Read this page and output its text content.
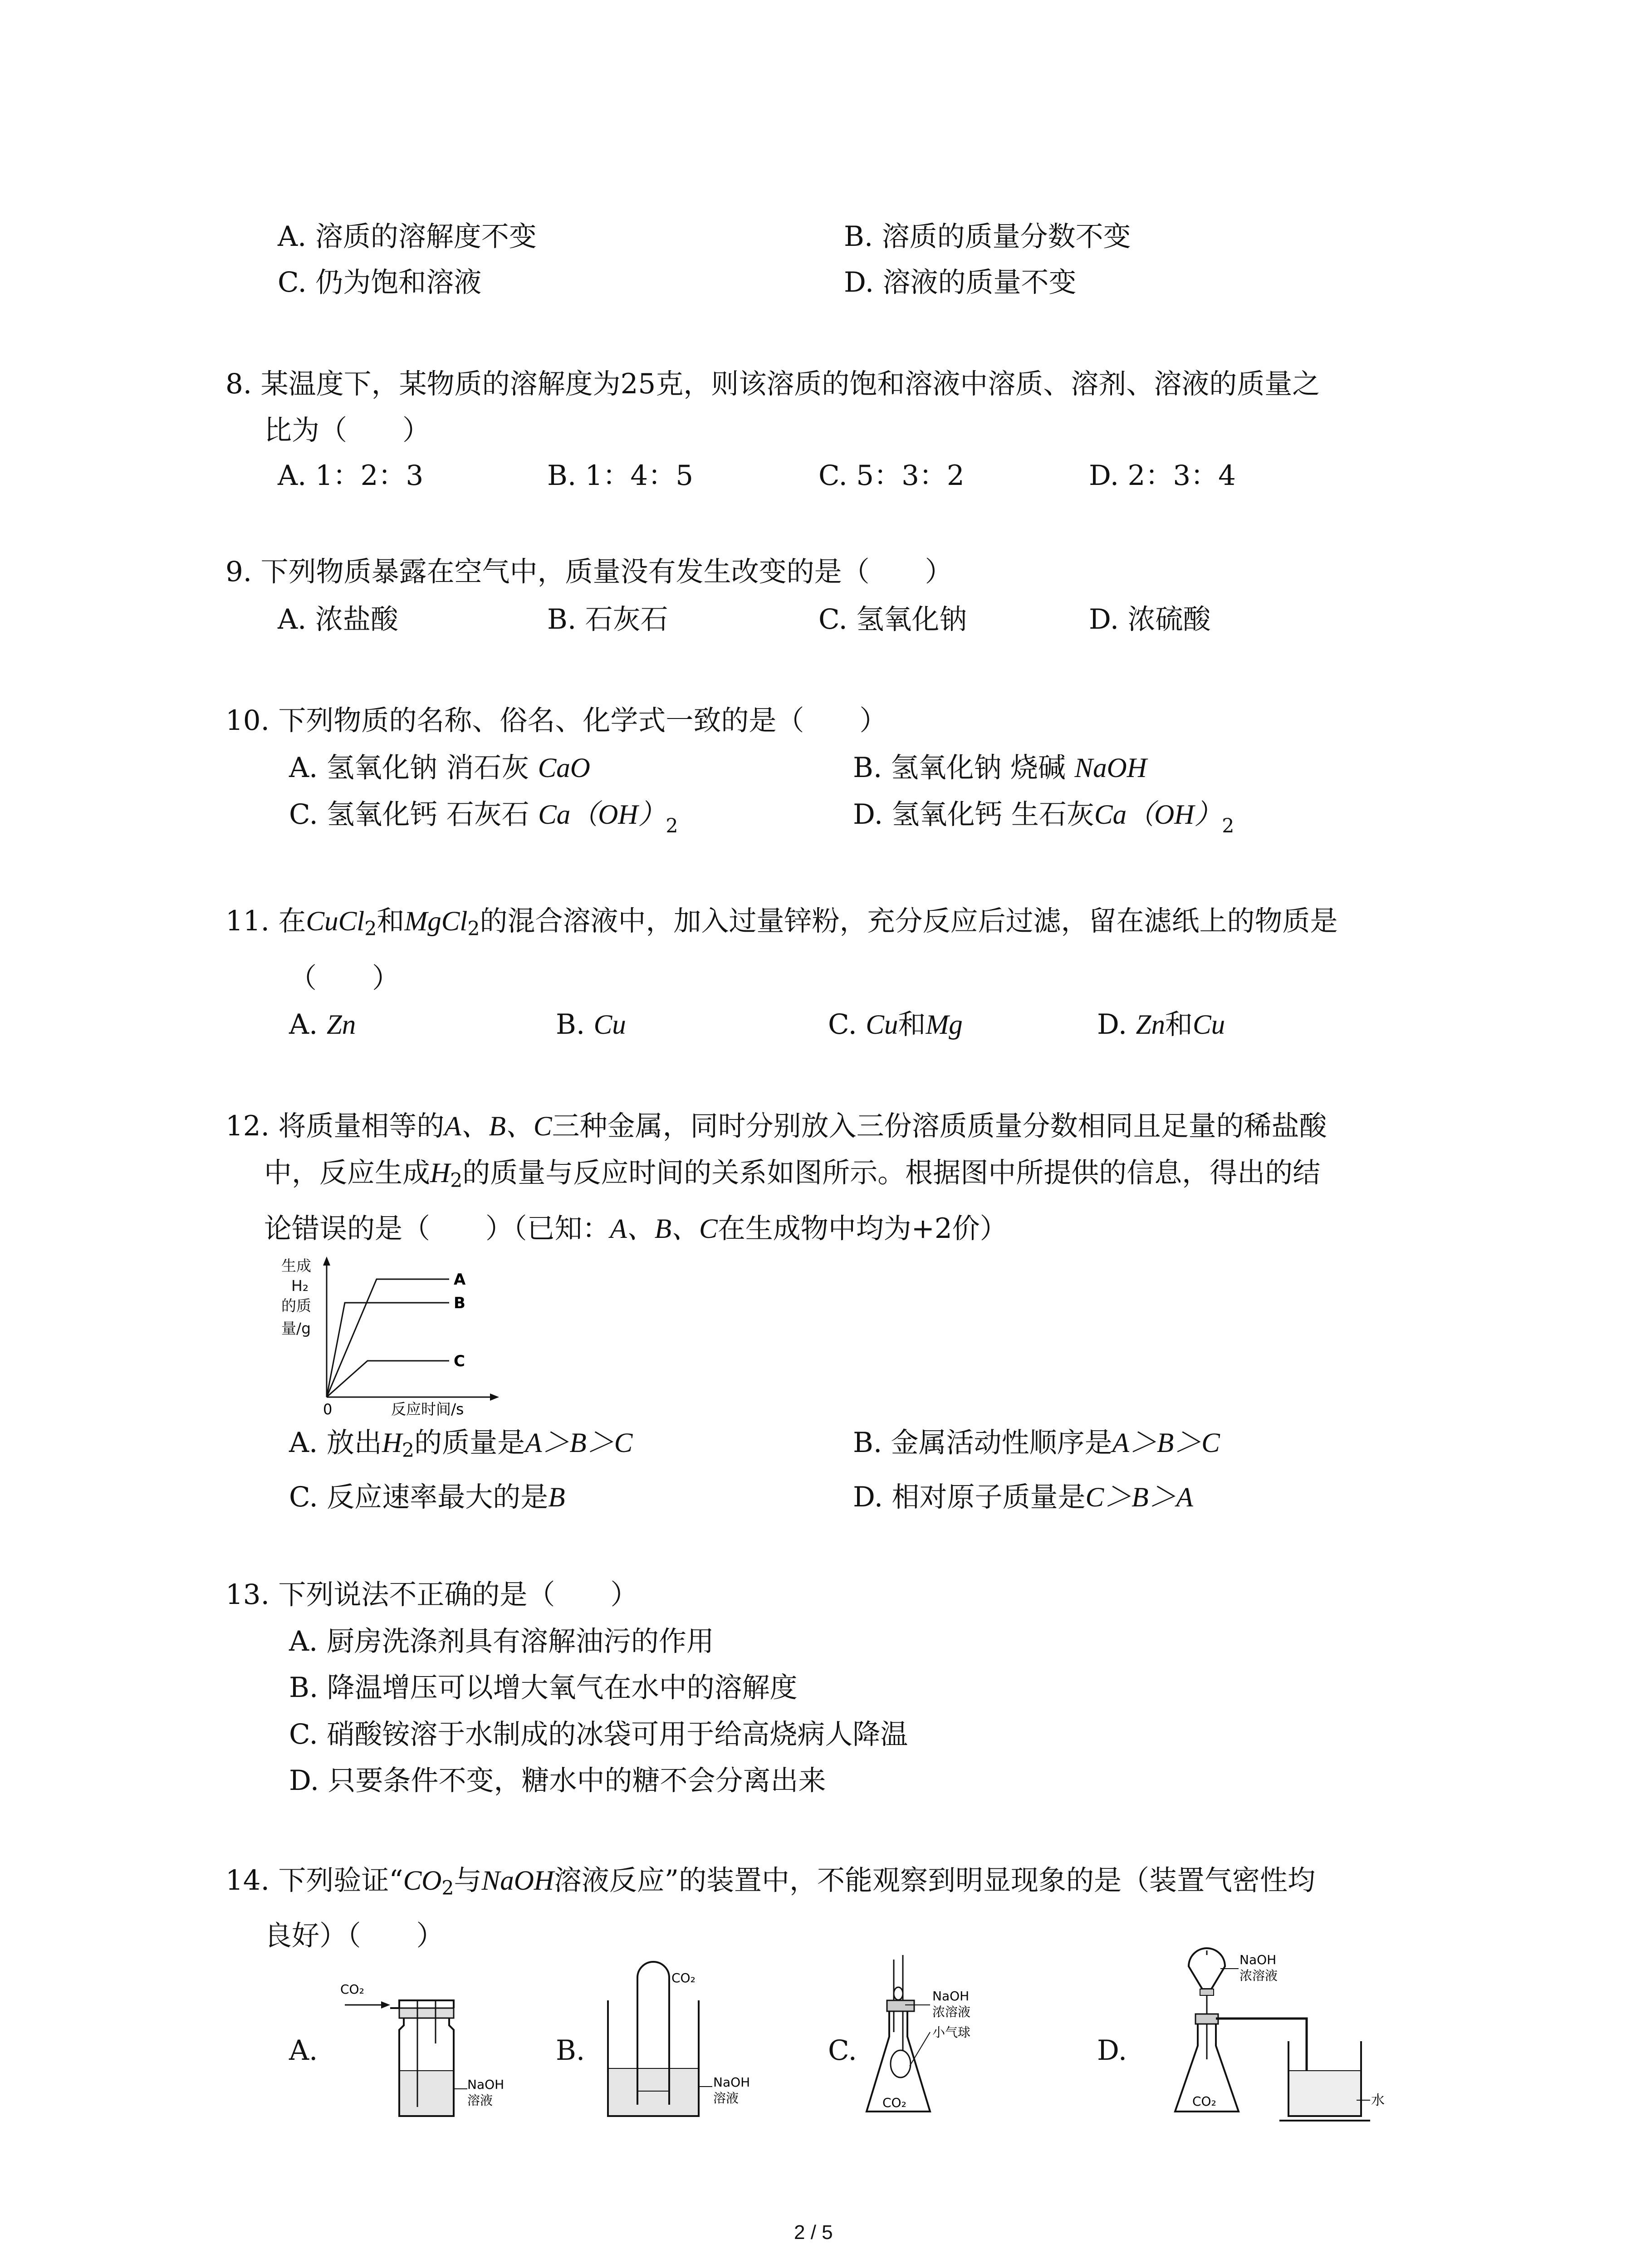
A. 溶质的溶解度不变	B. 溶质的质量分数不变
C. 仍为饱和溶液	D. 溶液的质量不变
8. 某温度下，某物质的溶解度为25克，则该溶质的饱和溶液中溶质、溶剂、溶液的质量之
比为（　　）
A. 1：2：3	B. 1：4：5	C. 5：3：2	D. 2：3：4
9. 下列物质暴露在空气中，质量没有发生改变的是（　　）
A. 浓盐酸	B. 石灰石	C. 氢氧化钠	D. 浓硫酸
10. 下列物质的名称、俗名、化学式一致的是（　　）
A. 氢氧化钠 消石灰 CaO	B. 氢氧化钠 烧碱 NaOH
C. 氢氧化钙 石灰石 $Ca(OH)_2$	D. 氢氧化钙 生石灰$Ca(OH)_2$
11. 在CuCl$_2$和MgCl$_2$的混合溶液中，加入过量锌粉，充分反应后过滤，留在滤纸上的物质是
（　　）
A. Zn	B. Cu	C. Cu和Mg	D. Zn和Cu
12. 将质量相等的A、B、C三种金属，同时分别放入三份溶质质量分数相同且足量的稀盐酸
中，反应生成$H_2$的质量与反应时间的关系如图所示。根据图中所提供的信息，得出的结
论错误的是（　　）（已知：A、B、C在生成物中均为+2价）
生成
H₂
的质
量/g
A
B
C
0	反应时间/s
A. 放出$H_2$的质量是A＞B＞C	B. 金属活动性顺序是A＞B＞C
C. 反应速率最大的是B	D. 相对原子质量是C＞B＞A
13. 下列说法不正确的是（　　）
A. 厨房洗涤剂具有溶解油污的作用
B. 降温增压可以增大氧气在水中的溶解度
C. 硝酸铵溶于水制成的冰袋可用于给高烧病人降温
D. 只要条件不变，糖水中的糖不会分离出来
14. 下列验证“$CO_2$与NaOH溶液反应”的装置中，不能观察到明显现象的是（装置气密性均
良好）（　　）
A.	B.	C.	D.
CO₂
NaOH
溶液
CO₂
NaOH
溶液	CO₂
NaOH
浓溶液
小气球
CO₂	水
NaOH
浓溶液
2 / 5
